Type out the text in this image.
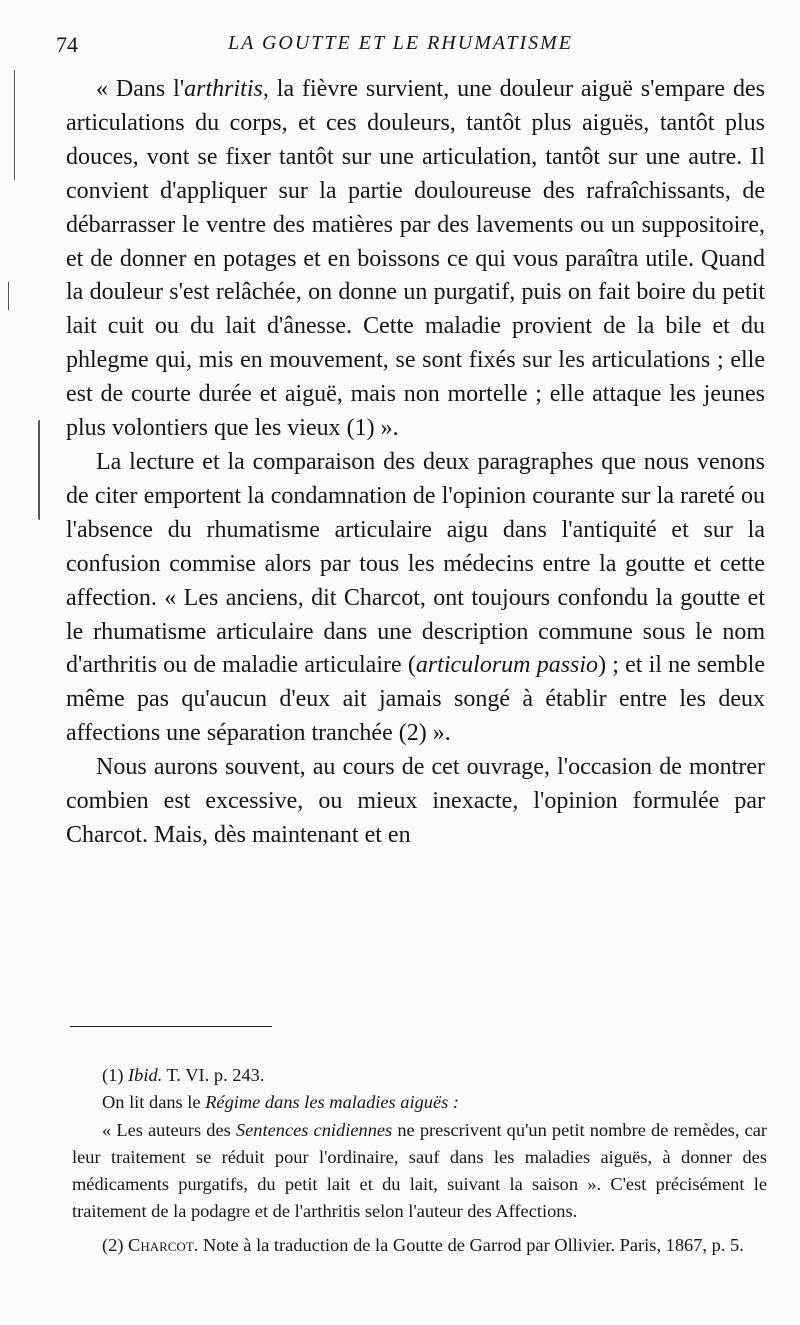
74	LA GOUTTE ET LE RHUMATISME

« Dans l'arthritis, la fièvre survient, une douleur aiguë s'empare des articulations du corps, et ces douleurs, tantôt plus aiguës, tantôt plus douces, vont se fixer tantôt sur une articulation, tantôt sur une autre. Il convient d'appliquer sur la partie douloureuse des rafraîchissants, de débarrasser le ventre des matières par des lavements ou un suppositoire, et de donner en potages et en boissons ce qui vous paraîtra utile. Quand la douleur s'est relâchée, on donne un purgatif, puis on fait boire du petit lait cuit ou du lait d'ânesse. Cette maladie provient de la bile et du phlegme qui, mis en mouvement, se sont fixés sur les articulations ; elle est de courte durée et aiguë, mais non mortelle ; elle attaque les jeunes plus volontiers que les vieux (1) ».

La lecture et la comparaison des deux paragraphes que nous venons de citer emportent la condamnation de l'opinion courante sur la rareté ou l'absence du rhumatisme articulaire aigu dans l'antiquité et sur la confusion commise alors par tous les médecins entre la goutte et cette affection. « Les anciens, dit Charcot, ont toujours confondu la goutte et le rhumatisme articulaire dans une description commune sous le nom d'arthritis ou de maladie articulaire (articulorum passio) ; et il ne semble même pas qu'aucun d'eux ait jamais songé à établir entre les deux affections une séparation tranchée (2) ».

Nous aurons souvent, au cours de cet ouvrage, l'occasion de montrer combien est excessive, ou mieux inexacte, l'opinion formulée par Charcot. Mais, dès maintenant et en

(1) Ibid. T. VI. p. 243.

On lit dans le Régime dans les maladies aiguës :

« Les auteurs des Sentences cnidiennes ne prescrivent qu'un petit nombre de remèdes, car leur traitement se réduit pour l'ordinaire, sauf dans les maladies aiguës, à donner des médicaments purgatifs, du petit lait et du lait, suivant la saison ». C'est précisément le traitement de la podagre et de l'arthritis selon l'auteur des Affections.

(2) Charcot. Note à la traduction de la Goutte de Garrod par Ollivier. Paris, 1867, p. 5.
